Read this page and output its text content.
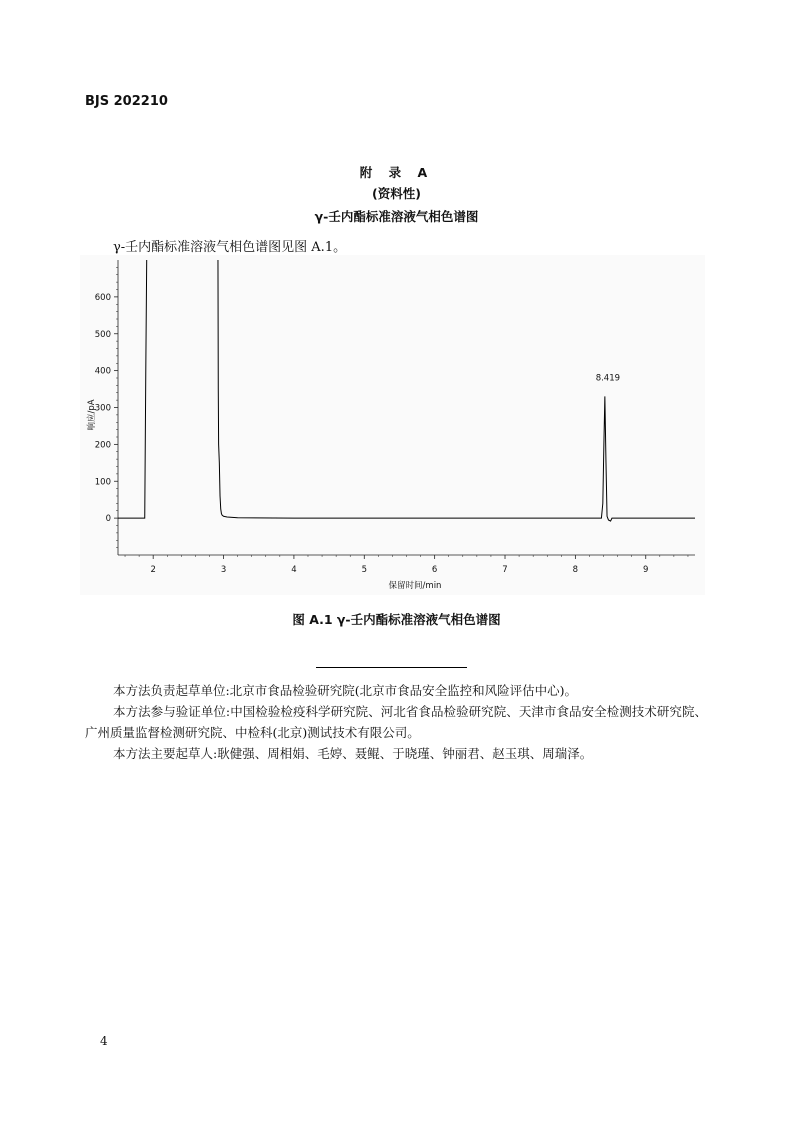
BJS 202210
附 录 A
(资料性)
γ-壬内酯标准溶液气相色谱图
γ-壬内酯标准溶液气相色谱图见图 A.1。
0
100
200
300
400
500
600
2	3	4	5	6	7	8	9
8.419
保留时间/min
响应/pA
图 A.1 γ-壬内酯标准溶液气相色谱图
本方法负责起草单位:北京市食品检验研究院(北京市食品安全监控和风险评估中心)。
本方法参与验证单位:中国检验检疫科学研究院、河北省食品检验研究院、天津市食品安全检测技术研究院、广州质量监督检测研究院、中检科(北京)测试技术有限公司。
本方法主要起草人:耿健强、周相娟、毛婷、聂鲲、于晓瑾、钟丽君、赵玉琪、周瑞泽。
4
